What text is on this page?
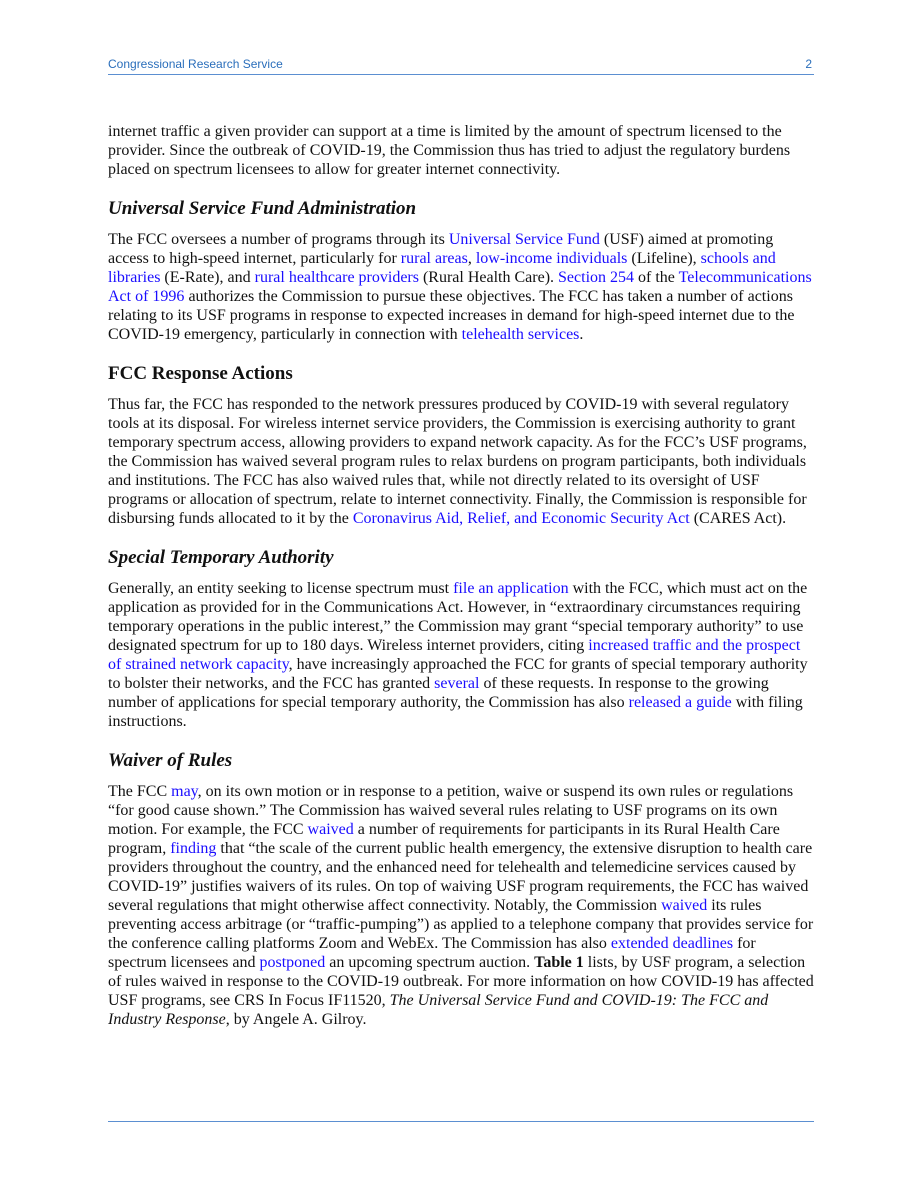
Congressional Research Service	2

internet traffic a given provider can support at a time is limited by the amount of spectrum licensed to the provider. Since the outbreak of COVID-19, the Commission thus has tried to adjust the regulatory burdens placed on spectrum licensees to allow for greater internet connectivity.

Universal Service Fund Administration

The FCC oversees a number of programs through its Universal Service Fund (USF) aimed at promoting access to high-speed internet, particularly for rural areas, low-income individuals (Lifeline), schools and libraries (E-Rate), and rural healthcare providers (Rural Health Care). Section 254 of the Telecommunications Act of 1996 authorizes the Commission to pursue these objectives. The FCC has taken a number of actions relating to its USF programs in response to expected increases in demand for high-speed internet due to the COVID-19 emergency, particularly in connection with telehealth services.

FCC Response Actions

Thus far, the FCC has responded to the network pressures produced by COVID-19 with several regulatory tools at its disposal. For wireless internet service providers, the Commission is exercising authority to grant temporary spectrum access, allowing providers to expand network capacity. As for the FCC’s USF programs, the Commission has waived several program rules to relax burdens on program participants, both individuals and institutions. The FCC has also waived rules that, while not directly related to its oversight of USF programs or allocation of spectrum, relate to internet connectivity. Finally, the Commission is responsible for disbursing funds allocated to it by the Coronavirus Aid, Relief, and Economic Security Act (CARES Act).

Special Temporary Authority

Generally, an entity seeking to license spectrum must file an application with the FCC, which must act on the application as provided for in the Communications Act. However, in “extraordinary circumstances requiring temporary operations in the public interest,” the Commission may grant “special temporary authority” to use designated spectrum for up to 180 days. Wireless internet providers, citing increased traffic and the prospect of strained network capacity, have increasingly approached the FCC for grants of special temporary authority to bolster their networks, and the FCC has granted several of these requests. In response to the growing number of applications for special temporary authority, the Commission has also released a guide with filing instructions.

Waiver of Rules

The FCC may, on its own motion or in response to a petition, waive or suspend its own rules or regulations “for good cause shown.” The Commission has waived several rules relating to USF programs on its own motion. For example, the FCC waived a number of requirements for participants in its Rural Health Care program, finding that “the scale of the current public health emergency, the extensive disruption to health care providers throughout the country, and the enhanced need for telehealth and telemedicine services caused by COVID-19” justifies waivers of its rules. On top of waiving USF program requirements, the FCC has waived several regulations that might otherwise affect connectivity. Notably, the Commission waived its rules preventing access arbitrage (or “traffic-pumping”) as applied to a telephone company that provides service for the conference calling platforms Zoom and WebEx. The Commission has also extended deadlines for spectrum licensees and postponed an upcoming spectrum auction. Table 1 lists, by USF program, a selection of rules waived in response to the COVID-19 outbreak. For more information on how COVID-19 has affected USF programs, see CRS In Focus IF11520, The Universal Service Fund and COVID-19: The FCC and Industry Response, by Angele A. Gilroy.
